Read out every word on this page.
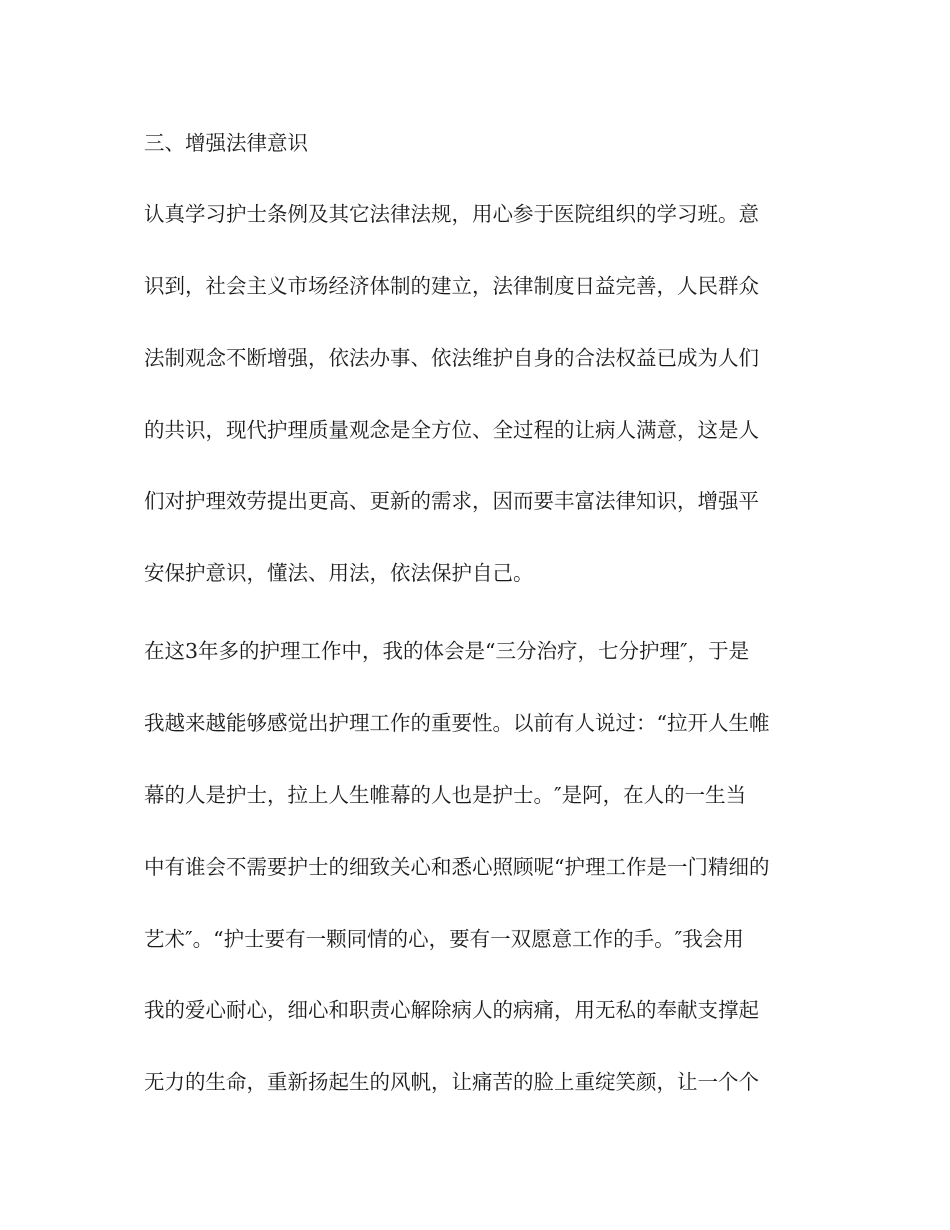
三、增强法律意识
认真学习护士条例及其它法律法规，用心参于医院组织的学习班。意
识到，社会主义市场经济体制的建立，法律制度日益完善，人民群众
法制观念不断增强，依法办事、依法维护自身的合法权益已成为人们
的共识，现代护理质量观念是全方位、全过程的让病人满意，这是人
们对护理效劳提出更高、更新的需求，因而要丰富法律知识，增强平
安保护意识，懂法、用法，依法保护自己。
在这3年多的护理工作中，我的体会是“三分治疗，七分护理″，于是
我越来越能够感觉出护理工作的重要性。以前有人说过：“拉开人生帷
幕的人是护士，拉上人生帷幕的人也是护士。″是阿，在人的一生当
中有谁会不需要护士的细致关心和悉心照顾呢“护理工作是一门精细的
艺术″。“护士要有一颗同情的心，要有一双愿意工作的手。″我会用
我的爱心耐心，细心和职责心解除病人的病痛，用无私的奉献支撑起
无力的生命，重新扬起生的风帆，让痛苦的脸上重绽笑颜，让一个个
